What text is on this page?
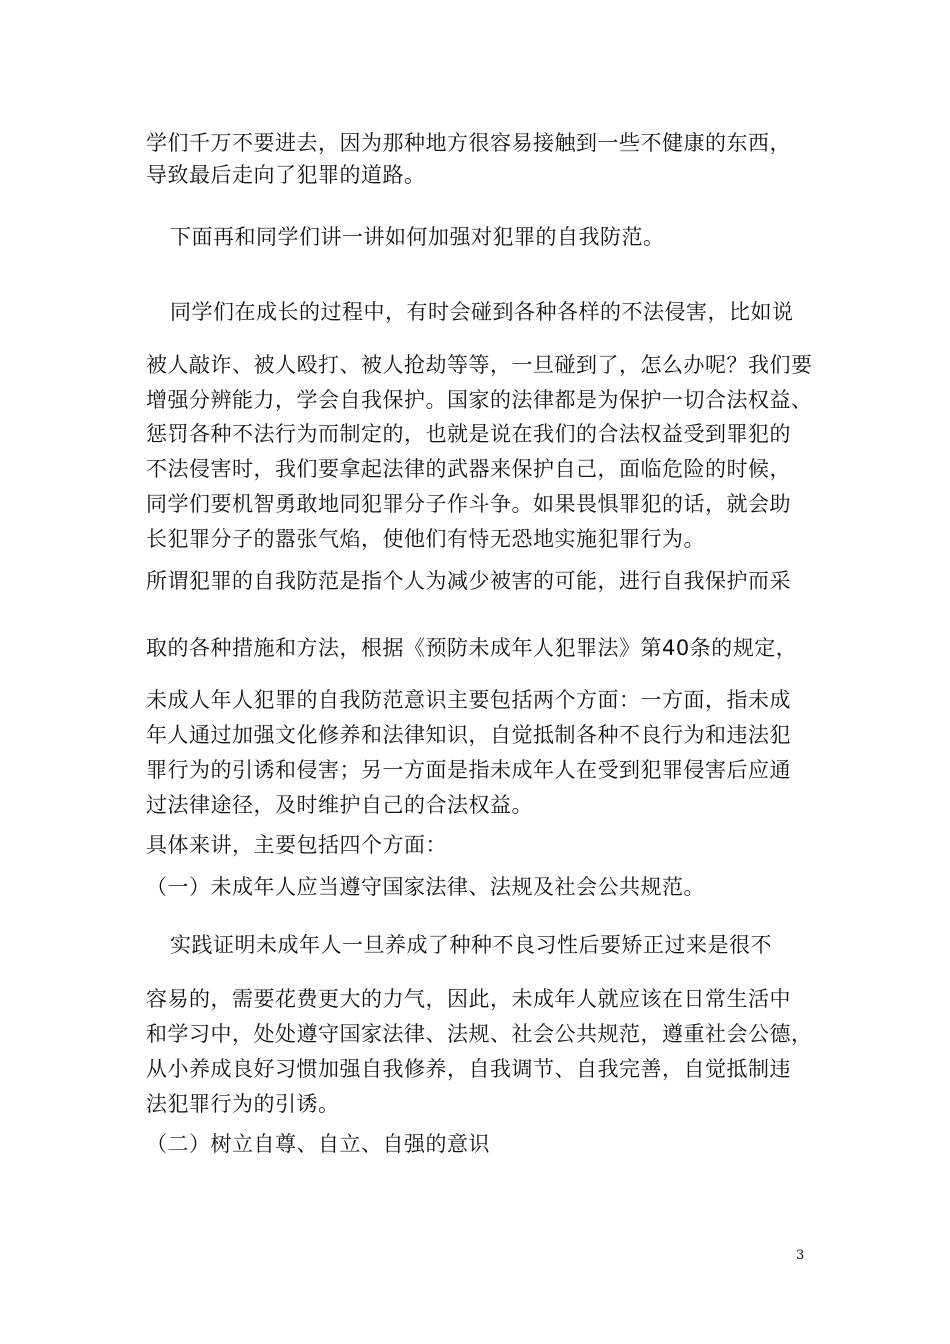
学们千万不要进去，因为那种地方很容易接触到一些不健康的东西，
导致最后走向了犯罪的道路。
下面再和同学们讲一讲如何加强对犯罪的自我防范。
同学们在成长的过程中，有时会碰到各种各样的不法侵害，比如说
被人敲诈、被人殴打、被人抢劫等等，一旦碰到了，怎么办呢？我们要
增强分辨能力，学会自我保护。国家的法律都是为保护一切合法权益、
惩罚各种不法行为而制定的，也就是说在我们的合法权益受到罪犯的
不法侵害时，我们要拿起法律的武器来保护自己，面临危险的时候，
同学们要机智勇敢地同犯罪分子作斗争。如果畏惧罪犯的话，就会助
长犯罪分子的嚣张气焰，使他们有恃无恐地实施犯罪行为。
所谓犯罪的自我防范是指个人为减少被害的可能，进行自我保护而采
取的各种措施和方法，根据《预防未成年人犯罪法》第40条的规定，
未成人年人犯罪的自我防范意识主要包括两个方面：一方面，指未成
年人通过加强文化修养和法律知识，自觉抵制各种不良行为和违法犯
罪行为的引诱和侵害；另一方面是指未成年人在受到犯罪侵害后应通
过法律途径，及时维护自己的合法权益。
具体来讲，主要包括四个方面：
（一）未成年人应当遵守国家法律、法规及社会公共规范。
实践证明未成年人一旦养成了种种不良习性后要矫正过来是很不
容易的，需要花费更大的力气，因此，未成年人就应该在日常生活中
和学习中，处处遵守国家法律、法规、社会公共规范，遵重社会公德，
从小养成良好习惯加强自我修养，自我调节、自我完善，自觉抵制违
法犯罪行为的引诱。
（二）树立自尊、自立、自强的意识
3
